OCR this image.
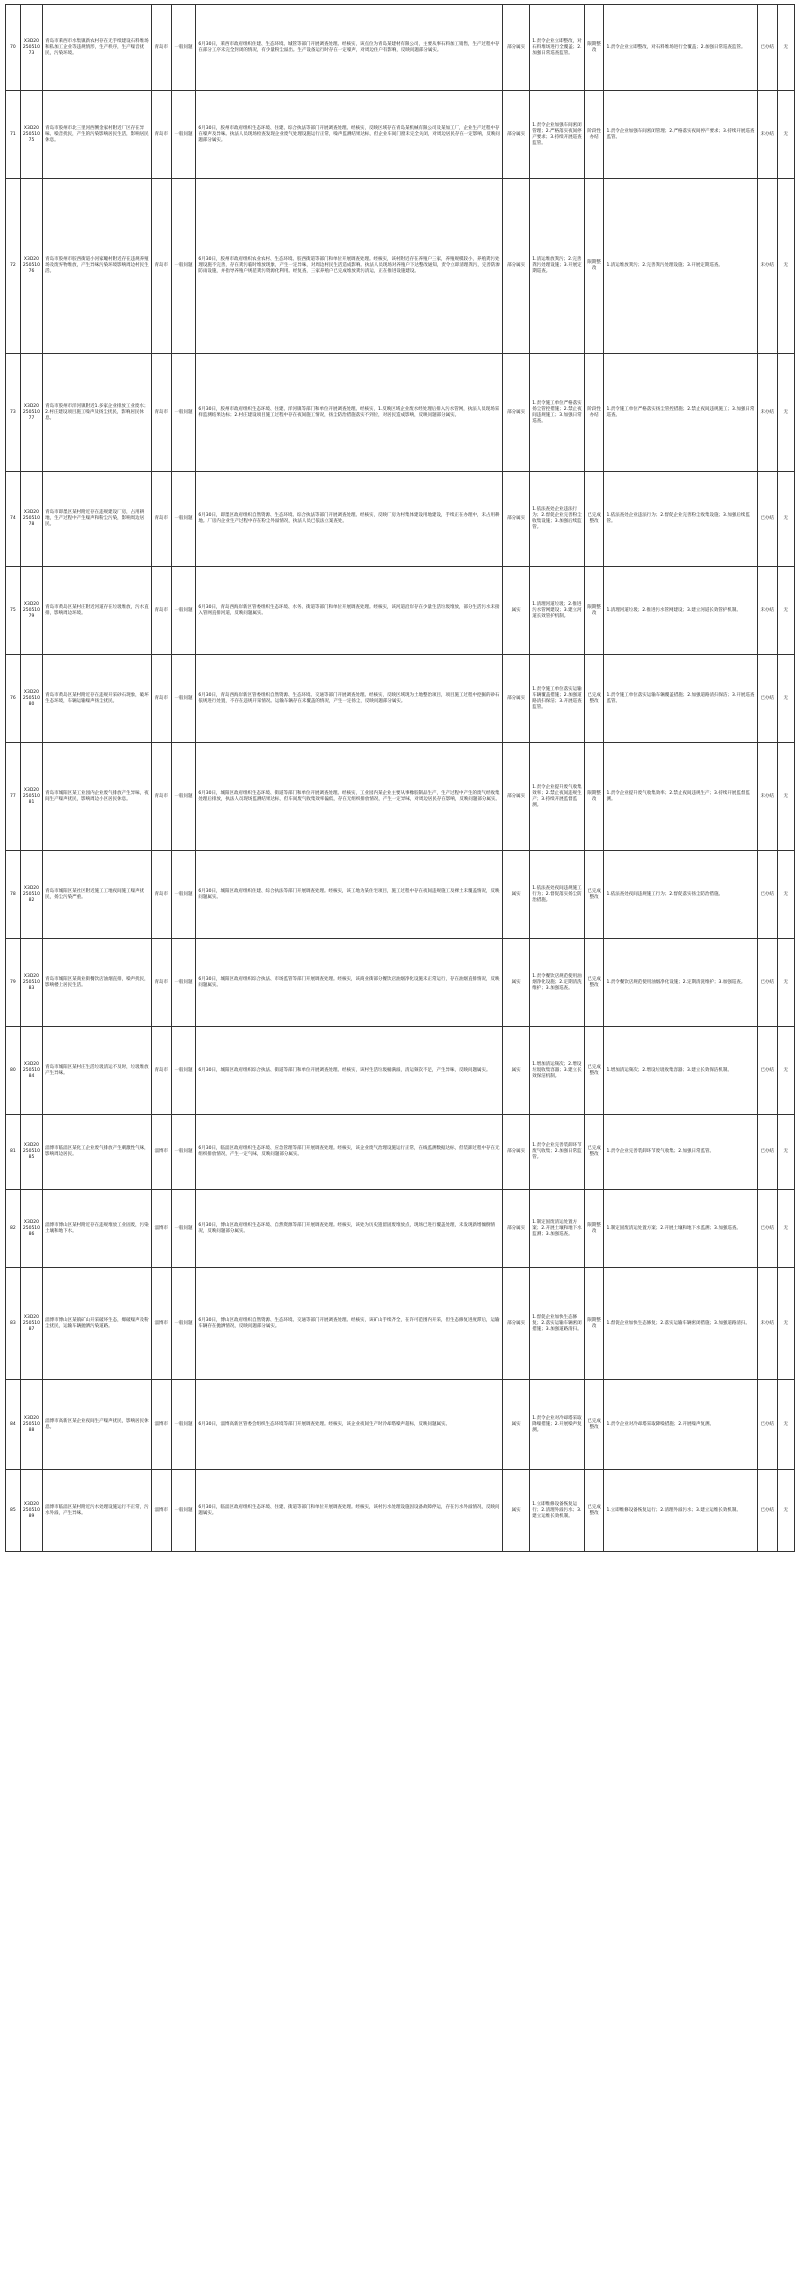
70	X3D2025051073	青岛市莱西市水集镇新农村存在无手续建设石料堆场和私加工企业等违规情形，生产秩序，生产噪音扰民，污染环境。	青岛市	一般问题	6月30日，莱西市政府组织住建、生态环境、城管等部门开展调查处理。经核实，该点位为青岛某建材有限公司，主要从事石料加工销售，生产过程中存在部分工序未完全封闭的情况，有少量粉尘溢出。生产设备运行时存在一定噪声，对周边住户有影响，反映问题部分属实。	部分属实	1.责令企业立即整改，对石料堆场进行全覆盖；2.加强日常巡查监管。	限期整改	1.责令企业立即整改，对石料堆场进行全覆盖；2.加强日常巡查监管。	已办结	无
71	X3D2025051075	青岛市胶州市北三里河西侧金家村附近厂区存在异味、噪音扰民，产生的污染影响居民生活，影响居民休息。	青岛市	一般问题	6月30日，胶州市政府组织生态环境、住建、综合执法等部门开展调查处理。经核实，反映区域存在青岛某机械有限公司及某加工厂，企业生产过程中存在噪声及异味。执法人员现场检查发现企业废气处理设施运行正常，噪声监测结果达标，但企业车间门窗未完全关闭，对周边居民存在一定影响，反映问题部分属实。	部分属实	1.责令企业加强车间密闭管理；2.严格落实夜间停产要求；3.持续开展巡查监管。	阶段性办结	1.责令企业加强车间密闭管理；2.严格落实夜间停产要求；3.持续开展巡查监管。	未办结	无
72	X3D2025051076	青岛市胶州市胶西街道小河家疃村附近存在违规养殖场及废弃物堆放，产生异味污染环境影响周边村民生活。	青岛市	一般问题	6月30日，胶州市政府组织农业农村、生态环境、胶西街道等部门和单位开展调查处理。经核实，该村附近存在养殖户三家，养殖规模较小，养殖粪污处理设施不完善，存在粪污临时堆放现象，产生一定异味，对周边村民生活造成影响。执法人员现场对养殖户下达整改通知，责令立即清理粪污，完善防渗防雨设施，并指导养殖户规范粪污资源化利用。经复查，三家养殖户已完成堆放粪污清运，正在推进设施建设。	部分属实	1.清运堆放粪污；2.完善粪污处理设施；3.开展定期巡查。	限期整改	1.清运堆放粪污；2.完善粪污处理设施；3.开展定期巡查。	未办结	无
73	X3D2025051077	青岛市胶州市洋河镇附近1.多家企业排放工业废水；2.村庄建设项目施工噪声及扬尘扰民，影响居民休息。	青岛市	一般问题	6月30日，胶州市政府组织生态环境、住建、洋河镇等部门和单位开展调查处理。经核实，1.反映区域企业废水经处理后排入污水管网，执法人员现场采样监测结果达标；2.村庄建设项目施工过程中存在夜间施工情况，扬尘防治措施落实不到位，对居民造成影响，反映问题部分属实。	部分属实	1.责令施工单位严格落实扬尘管控措施；2.禁止夜间违规施工；3.加强日常巡查。	阶段性办结	1.责令施工单位严格落实扬尘管控措施；2.禁止夜间违规施工；3.加强日常巡查。	未办结	无
74	X3D2025051078	青岛市即墨区某村附近存在违规建设厂房，占用耕地，生产过程中产生噪声和粉尘污染，影响周边居民。	青岛市	一般问题	6月30日，即墨区政府组织自然资源、生态环境、综合执法等部门开展调查处理。经核实，反映厂房为村集体建设用地建设，手续正在办理中，未占用耕地。厂房内企业生产过程中存在粉尘外溢情况，执法人员已依法立案查处。	部分属实	1.依法查处企业违法行为；2.督促企业完善粉尘收集设施；3.加强后续监管。	已完成整改	1.依法查处企业违法行为；2.督促企业完善粉尘收集设施；3.加强后续监管。	已办结	无
75	X3D2025051079	青岛市黄岛区某村庄附近河道存在垃圾堆放，污水直排，影响周边环境。	青岛市	一般问题	6月30日，青岛西海岸新区管委组织生态环境、水务、街道等部门和单位开展调查处理。经核实，该河道沿岸存在少量生活垃圾堆放，部分生活污水未接入管网直排河道，反映问题属实。	属实	1.清理河道垃圾；2.推进污水管网建设；3.建立河道长效管护机制。	限期整改	1.清理河道垃圾；2.推进污水管网建设；3.建立河道长效管护机制。	未办结	无
76	X3D2025051080	青岛市黄岛区某村附近存在违规开采砂石现象，破坏生态环境，车辆运输噪声扬尘扰民。	青岛市	一般问题	6月30日，青岛西海岸新区管委组织自然资源、生态环境、交通等部门开展调查处理。经核实，反映区域现为土地整治项目，项目施工过程中挖掘的砂石依规进行处置，不存在违规开采情况。运输车辆存在未覆盖的情况，产生一定扬尘，反映问题部分属实。	部分属实	1.责令施工单位落实运输车辆覆盖措施；2.加强道路清扫保洁；3.开展巡查监管。	已完成整改	1.责令施工单位落实运输车辆覆盖措施；2.加强道路清扫保洁；3.开展巡查监管。	已办结	无
77	X3D2025051081	青岛市城阳区某工业园内企业废气排放产生异味，夜间生产噪声扰民，影响周边小区居民休息。	青岛市	一般问题	6月30日，城阳区政府组织生态环境、街道等部门和单位开展调查处理。经核实，工业园内某企业主要从事橡胶制品生产，生产过程中产生的废气经收集处理后排放，执法人员现场监测结果达标，但车间废气收集效率偏低，存在无组织排放情况，产生一定异味，对周边居民存在影响，反映问题部分属实。	部分属实	1.责令企业提升废气收集效率；2.禁止夜间违规生产；3.持续开展监督监测。	限期整改	1.责令企业提升废气收集效率；2.禁止夜间违规生产；3.持续开展监督监测。	未办结	无
78	X3D2025051082	青岛市城阳区某社区附近施工工地夜间施工噪声扰民，扬尘污染严重。	青岛市	一般问题	6月30日，城阳区政府组织住建、综合执法等部门开展调查处理。经核实，该工地为某住宅项目，施工过程中存在夜间违规施工及裸土未覆盖情况，反映问题属实。	属实	1.依法查处夜间违规施工行为；2.督促落实扬尘防治措施。	已完成整改	1.依法查处夜间违规施工行为；2.督促落实扬尘防治措施。	已办结	无
79	X3D2025051083	青岛市城阳区某商业街餐饮店油烟直排，噪声扰民，影响楼上居民生活。	青岛市	一般问题	6月30日，城阳区政府组织综合执法、市场监管等部门开展调查处理。经核实，该商业街部分餐饮店油烟净化设施未正常运行，存在油烟直排情况，反映问题属实。	属实	1.责令餐饮店规范使用油烟净化设施；2.定期清洗维护；3.加强巡查。	已完成整改	1.责令餐饮店规范使用油烟净化设施；2.定期清洗维护；3.加强巡查。	已办结	无
80	X3D2025051084	青岛市城阳区某村庄生活垃圾清运不及时，垃圾堆放产生异味。	青岛市	一般问题	6月30日，城阳区政府组织综合执法、街道等部门和单位开展调查处理。经核实，该村生活垃圾桶满溢，清运频次不足，产生异味，反映问题属实。	属实	1.增加清运频次；2.增设垃圾收集容器；3.建立长效保洁机制。	已完成整改	1.增加清运频次；2.增设垃圾收集容器；3.建立长效保洁机制。	已办结	无
81	X3D2025051085	淄博市临淄区某化工企业废气排放产生刺激性气味，影响周边居民。	淄博市	一般问题	6月30日，临淄区政府组织生态环境、应急管理等部门开展调查处理。经核实，该企业废气治理设施运行正常，在线监测数据达标，但装卸过程中存在无组织排放情况，产生一定气味，反映问题部分属实。	部分属实	1.责令企业完善装卸环节废气收集；2.加强日常监管。	已完成整改	1.责令企业完善装卸环节废气收集；2.加强日常监管。	已办结	无
82	X3D2025051086	淄博市博山区某村附近存在违规堆放工业固废，污染土壤和地下水。	淄博市	一般问题	6月30日，博山区政府组织生态环境、自然资源等部门开展调查处理。经核实，该处为历史遗留固废堆放点，现场已进行覆盖处理，未发现新增倾倒情况，反映问题部分属实。	部分属实	1.制定固废清运处置方案；2.开展土壤和地下水监测；3.加强巡查。	限期整改	1.制定固废清运处置方案；2.开展土壤和地下水监测；3.加强巡查。	已办结	无
83	X3D2025051087	淄博市博山区某镇矿山开采破坏生态，爆破噪声及粉尘扰民，运输车辆抛洒污染道路。	淄博市	一般问题	6月30日，博山区政府组织自然资源、生态环境、交通等部门开展调查处理。经核实，该矿山手续齐全，在许可范围内开采，但生态修复进度滞后，运输车辆存在抛洒情况，反映问题部分属实。	部分属实	1.督促企业加快生态修复；2.落实运输车辆密闭措施；3.加强道路清扫。	限期整改	1.督促企业加快生态修复；2.落实运输车辆密闭措施；3.加强道路清扫。	未办结	无
84	X3D2025051088	淄博市高新区某企业夜间生产噪声扰民，影响居民休息。	淄博市	一般问题	6月30日，淄博高新区管委会组织生态环境等部门开展调查处理。经核实，该企业夜间生产时冷却塔噪声超标，反映问题属实。	属实	1.责令企业对冷却塔采取降噪措施；2.开展噪声复测。	已完成整改	1.责令企业对冷却塔采取降噪措施；2.开展噪声复测。	已办结	无
85	X3D2025051089	淄博市临淄区某村附近污水处理设施运行不正常，污水外溢，产生异味。	淄博市	一般问题	6月30日，临淄区政府组织生态环境、住建、街道等部门和单位开展调查处理。经核实，该村污水处理设施因设备故障停运，存在污水外溢情况，反映问题属实。	属实	1.立即维修设备恢复运行；2.清理外溢污水；3.建立运维长效机制。	已完成整改	1.立即维修设备恢复运行；2.清理外溢污水；3.建立运维长效机制。	已办结	无
